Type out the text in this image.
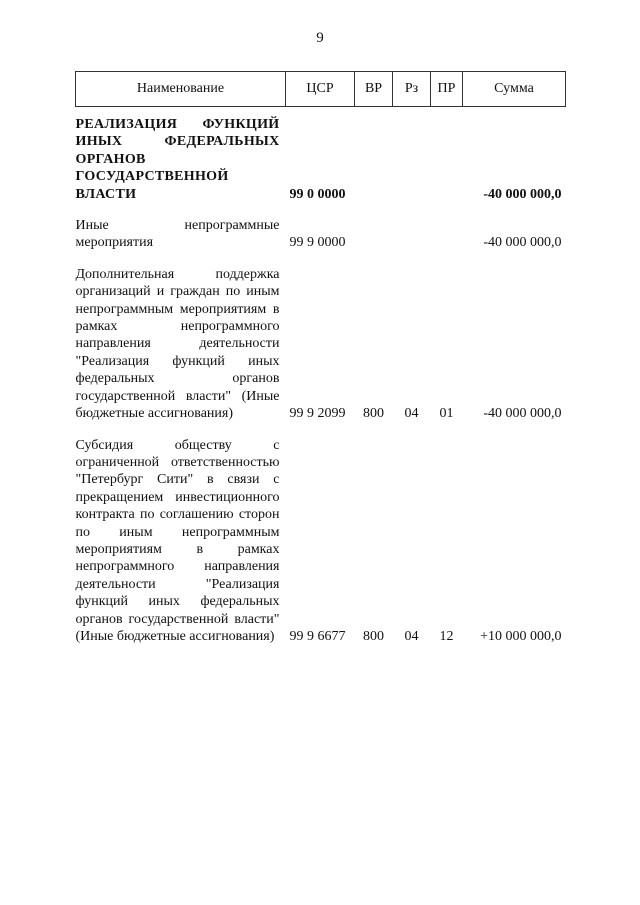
9
Наименование	ЦСР	ВР	Рз	ПР	Сумма
РЕАЛИЗАЦИЯ ФУНКЦИЙ ИНЫХ ФЕДЕРАЛЬНЫХ ОРГАНОВ ГОСУДАРСТВЕННОЙ ВЛАСТИ	99 0 0000				-40 000 000,0
Иные непрограммные мероприятия	99 9 0000				-40 000 000,0
Дополнительная поддержка организаций и граждан по иным непрограммным мероприятиям в рамках непрограммного направления деятельности "Реализация функций иных федеральных органов государственной власти" (Иные бюджетные ассигнования)	99 9 2099	800	04	01	-40 000 000,0
Субсидия обществу с ограниченной ответственностью "Петербург Сити" в связи с прекращением инвестиционного контракта по соглашению сторон по иным непрограммным мероприятиям в рамках непрограммного направления деятельности "Реализация функций иных федеральных органов государственной власти" (Иные бюджетные ассигнования)	99 9 6677	800	04	12	+10 000 000,0
